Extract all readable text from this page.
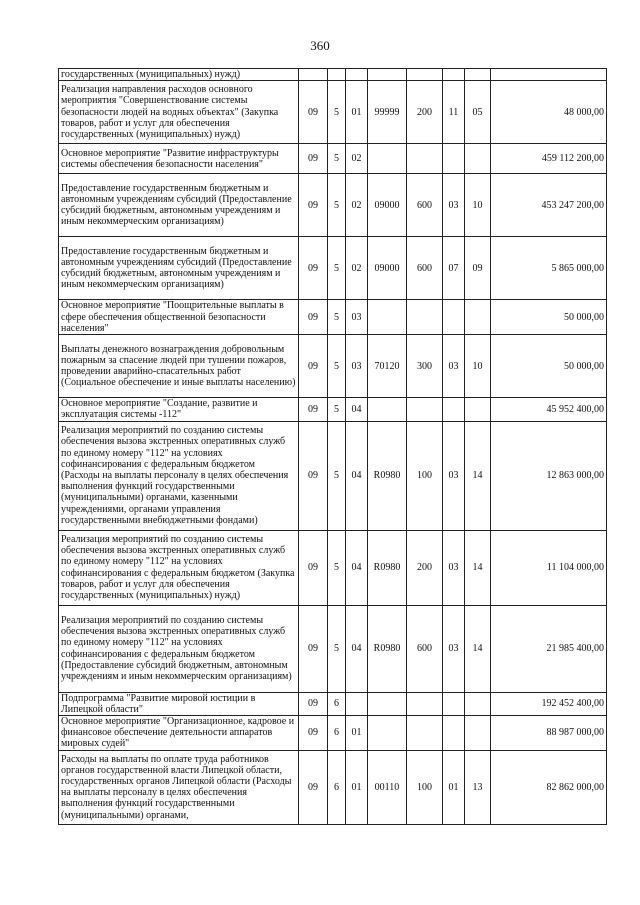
360
государственных (муниципальных) нужд)								
Реализация направления расходов основного мероприятия "Совершенствование системы безопасности людей на водных объектах" (Закупка товаров, работ и услуг для обеспечения государственных (муниципальных) нужд)	09	5	01	99999	200	11	05	48 000,00
Основное мероприятие "Развитие инфраструктуры системы обеспечения безопасности населения"	09	5	02					459 112 200,00
Предоставление государственным бюджетным и автономным учреждениям субсидий (Предоставление субсидий бюджетным, автономным учреждениям и иным некоммерческим организациям)	09	5	02	09000	600	03	10	453 247 200,00
Предоставление государственным бюджетным и автономным учреждениям субсидий (Предоставление субсидий бюджетным, автономным учреждениям и иным некоммерческим организациям)	09	5	02	09000	600	07	09	5 865 000,00
Основное мероприятие "Поощрительные выплаты в сфере обеспечения общественной безопасности населения"	09	5	03					50 000,00
Выплаты денежного вознаграждения добровольным пожарным за спасение людей при тушении пожаров, проведении аварийно-спасательных работ (Социальное обеспечение и иные выплаты населению)	09	5	03	70120	300	03	10	50 000,00
Основное мероприятие "Создание, развитие и эксплуатация системы -112"	09	5	04					45 952 400,00
Реализация мероприятий по созданию системы обеспечения вызова экстренных оперативных служб по единому номеру "112" на условиях софинансирования с федеральным бюджетом (Расходы на выплаты персоналу в целях обеспечения выполнения функций государственными (муниципальными) органами, казенными учреждениями, органами управления государственными внебюджетными фондами)	09	5	04	R0980	100	03	14	12 863 000,00
Реализация мероприятий по созданию системы обеспечения вызова экстренных оперативных служб по единому номеру "112" на условиях софинансирования с федеральным бюджетом (Закупка товаров, работ и услуг для обеспечения государственных (муниципальных) нужд)	09	5	04	R0980	200	03	14	11 104 000,00
Реализация мероприятий по созданию системы обеспечения вызова экстренных оперативных служб по единому номеру "112" на условиях софинансирования с федеральным бюджетом (Предоставление субсидий бюджетным, автономным учреждениям и иным некоммерческим организациям)	09	5	04	R0980	600	03	14	21 985 400,00
Подпрограмма "Развитие мировой юстиции в Липецкой области"	09	6						192 452 400,00
Основное мероприятие "Организационное, кадровое и финансовое обеспечение деятельности аппаратов мировых судей"	09	6	01					88 987 000,00
Расходы на выплаты по оплате труда работников органов государственной власти Липецкой области, государственных органов Липецкой области (Расходы на выплаты персоналу в целях обеспечения выполнения функций государственными (муниципальными) органами,	09	6	01	00110	100	01	13	82 862 000,00
